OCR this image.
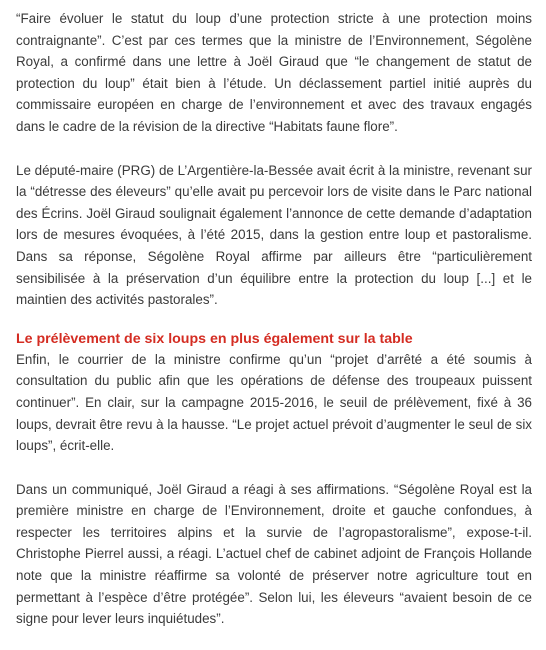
“Faire évoluer le statut du loup d’une protection stricte à une protection moins contraignante”. C’est par ces termes que la ministre de l’Environnement, Ségolène Royal, a confirmé dans une lettre à Joël Giraud que “le changement de statut de protection du loup” était bien à l’étude. Un déclassement partiel initié auprès du commissaire européen en charge de l’environnement et avec des travaux engagés dans le cadre de la révision de la directive “Habitats faune flore”.

Le député-maire (PRG) de L’Argentière-la-Bessée avait écrit à la ministre, revenant sur la “détresse des éleveurs” qu’elle avait pu percevoir lors de visite dans le Parc national des Écrins. Joël Giraud soulignait également l’annonce de cette demande d’adaptation lors de mesures évoquées, à l’été 2015, dans la gestion entre loup et pastoralisme. Dans sa réponse, Ségolène Royal affirme par ailleurs être “particulièrement sensibilisée à la préservation d’un équilibre entre la protection du loup [...] et le maintien des activités pastorales”.

Le prélèvement de six loups en plus également sur la table

Enfin, le courrier de la ministre confirme qu’un “projet d’arrêté a été soumis à consultation du public afin que les opérations de défense des troupeaux puissent continuer”. En clair, sur la campagne 2015-2016, le seuil de prélèvement, fixé à 36 loups, devrait être revu à la hausse. “Le projet actuel prévoit d’augmenter le seul de six loups”, écrit-elle.

Dans un communiqué, Joël Giraud a réagi à ses affirmations. “Ségolène Royal est la première ministre en charge de l’Environnement, droite et gauche confondues, à respecter les territoires alpins et la survie de l’agropastoralisme”, expose-t-il. Christophe Pierrel aussi, a réagi. L’actuel chef de cabinet adjoint de François Hollande note que la ministre réaffirme sa volonté de préserver notre agriculture tout en permettant à l’espèce d’être protégée”. Selon lui, les éleveurs “avaient besoin de ce signe pour lever leurs inquiétudes”.
